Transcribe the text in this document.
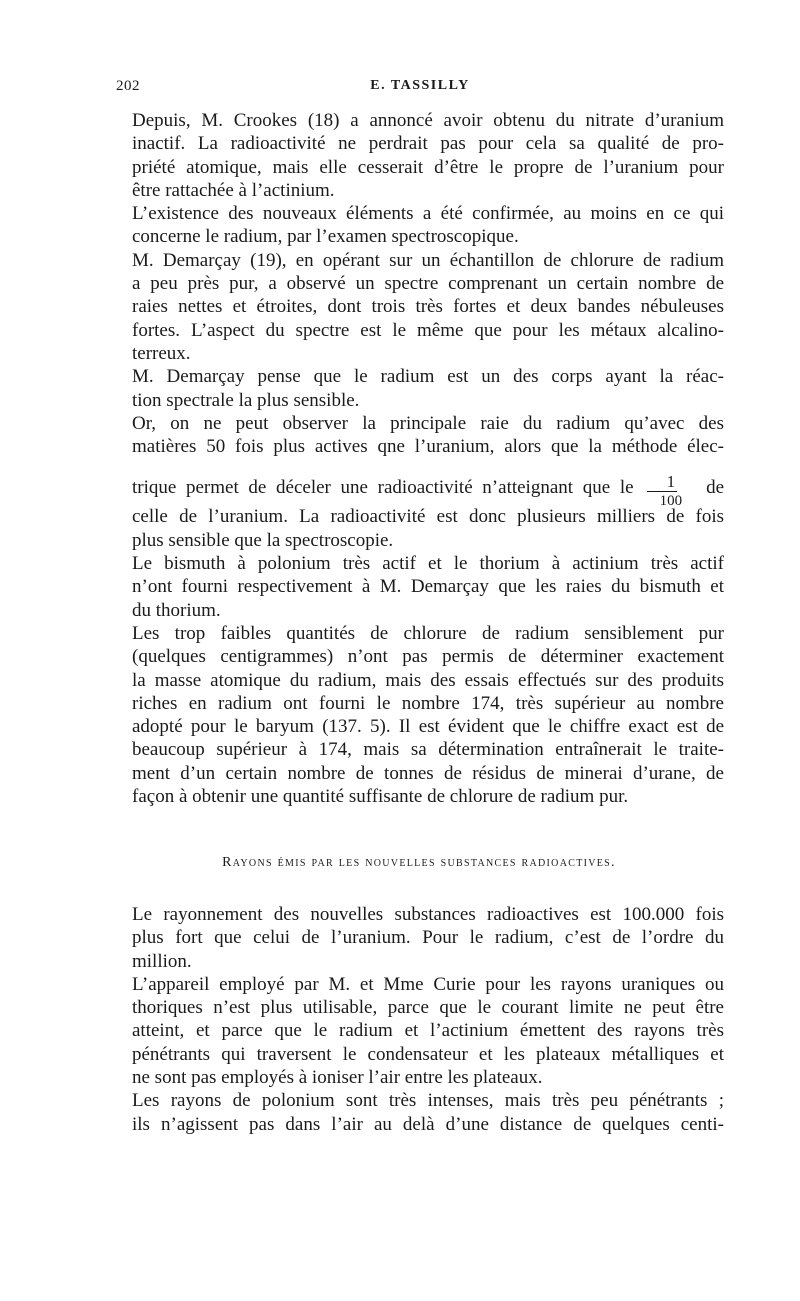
202	E. TASSILLY
Depuis, M. Crookes (18) a annoncé avoir obtenu du nitrate d’uranium
inactif. La radioactivité ne perdrait pas pour cela sa qualité de pro-
priété atomique, mais elle cesserait d’être le propre de l’uranium pour
être rattachée à l’actinium.
L’existence des nouveaux éléments a été confirmée, au moins en ce qui
concerne le radium, par l’examen spectroscopique.
M. Demarçay (19), en opérant sur un échantillon de chlorure de radium
a peu près pur, a observé un spectre comprenant un certain nombre de
raies nettes et étroites, dont trois très fortes et deux bandes nébuleuses
fortes. L’aspect du spectre est le même que pour les métaux alcalino-
terreux.
M. Demarçay pense que le radium est un des corps ayant la réac-
tion spectrale la plus sensible.
Or, on ne peut observer la principale raie du radium qu’avec des
matières 50 fois plus actives qne l’uranium, alors que la méthode élec-
trique permet de déceler une radioactivité n’atteignant que le $\frac{1}{100}$	de
celle de l’uranium. La radioactivité est donc plusieurs milliers de fois
plus sensible que la spectroscopie.
Le bismuth à polonium très actif et le thorium à actinium très actif
n’ont fourni respectivement à M. Demarçay que les raies du bismuth et
du thorium.
Les trop faibles quantités de chlorure de radium sensiblement pur
(quelques centigrammes) n’ont pas permis de déterminer exactement
la masse atomique du radium, mais des essais effectués sur des produits
riches en radium ont fourni le nombre 174, très supérieur au nombre
adopté pour le baryum (137. 5). Il est évident que le chiffre exact est de
beaucoup supérieur à 174, mais sa détermination entraînerait le traite-
ment d’un certain nombre de tonnes de résidus de minerai d’urane, de
façon à obtenir une quantité suffisante de chlorure de radium pur.
Rayons émis par les nouvelles substances radioactives.
Le rayonnement des nouvelles substances radioactives est 100.000 fois
plus fort que celui de l’uranium. Pour le radium, c’est de l’ordre du
million.
L’appareil employé par M. et Mme Curie pour les rayons uraniques ou
thoriques n’est plus utilisable, parce que le courant limite ne peut être
atteint, et parce que le radium et l’actinium émettent des rayons très
pénétrants qui traversent le condensateur et les plateaux métalliques et
ne sont pas employés à ioniser l’air entre les plateaux.
Les rayons de polonium sont très intenses, mais très peu pénétrants ;
ils n’agissent pas dans l’air au delà d’une distance de quelques centi-
